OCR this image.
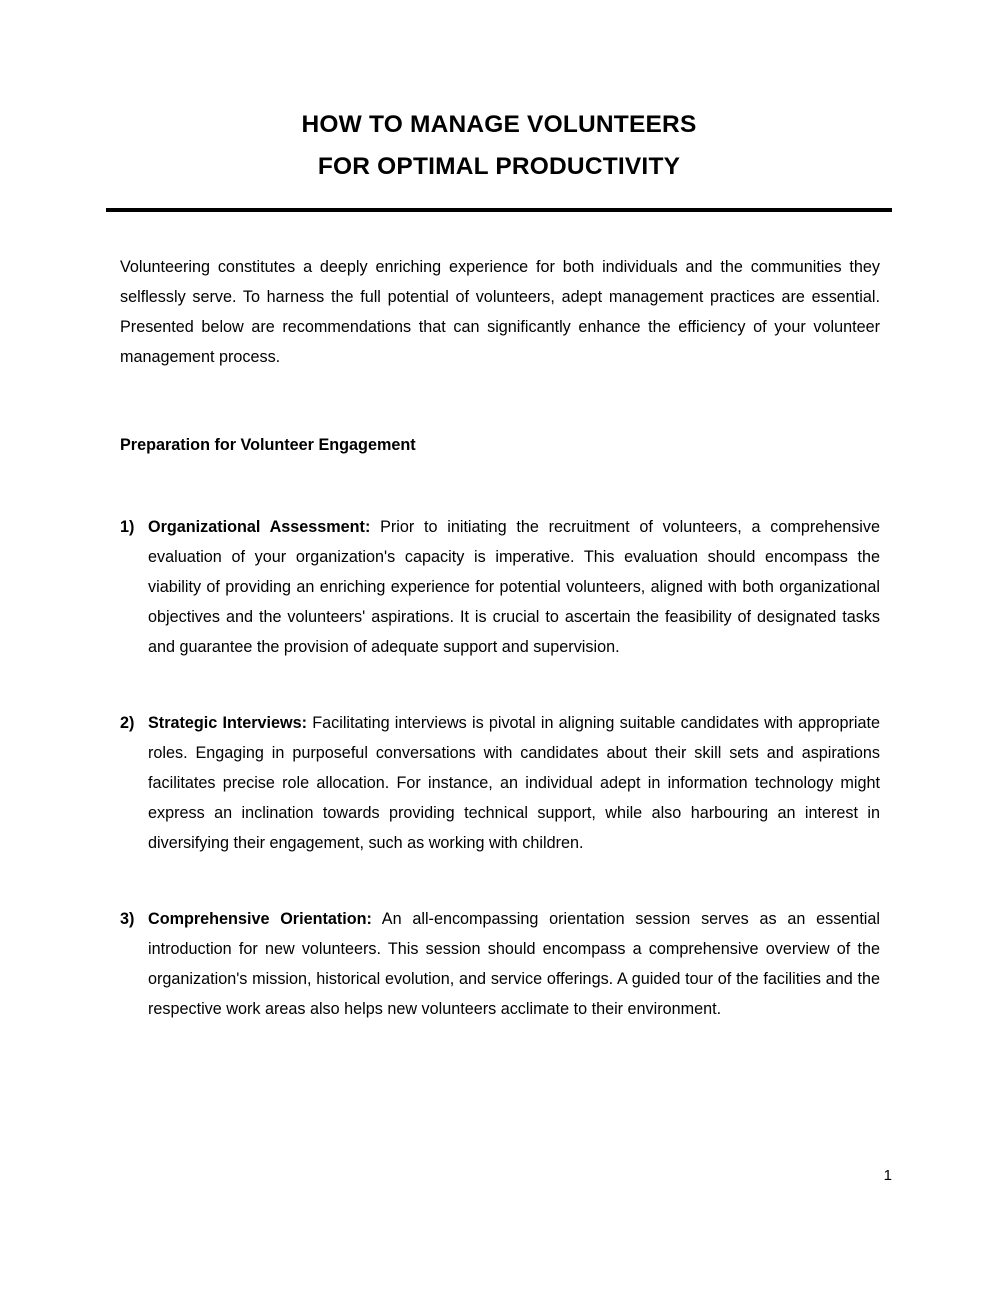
HOW TO MANAGE VOLUNTEERS
FOR OPTIMAL PRODUCTIVITY

Volunteering constitutes a deeply enriching experience for both individuals and the communities they selflessly serve. To harness the full potential of volunteers, adept management practices are essential. Presented below are recommendations that can significantly enhance the efficiency of your volunteer management process.

Preparation for Volunteer Engagement
1) Organizational Assessment: Prior to initiating the recruitment of volunteers, a comprehensive evaluation of your organization's capacity is imperative. This evaluation should encompass the viability of providing an enriching experience for potential volunteers, aligned with both organizational objectives and the volunteers' aspirations. It is crucial to ascertain the feasibility of designated tasks and guarantee the provision of adequate support and supervision.
2) Strategic Interviews: Facilitating interviews is pivotal in aligning suitable candidates with appropriate roles. Engaging in purposeful conversations with candidates about their skill sets and aspirations facilitates precise role allocation. For instance, an individual adept in information technology might express an inclination towards providing technical support, while also harbouring an interest in diversifying their engagement, such as working with children.
3) Comprehensive Orientation: An all-encompassing orientation session serves as an essential introduction for new volunteers. This session should encompass a comprehensive overview of the organization's mission, historical evolution, and service offerings. A guided tour of the facilities and the respective work areas also helps new volunteers acclimate to their environment.
1
